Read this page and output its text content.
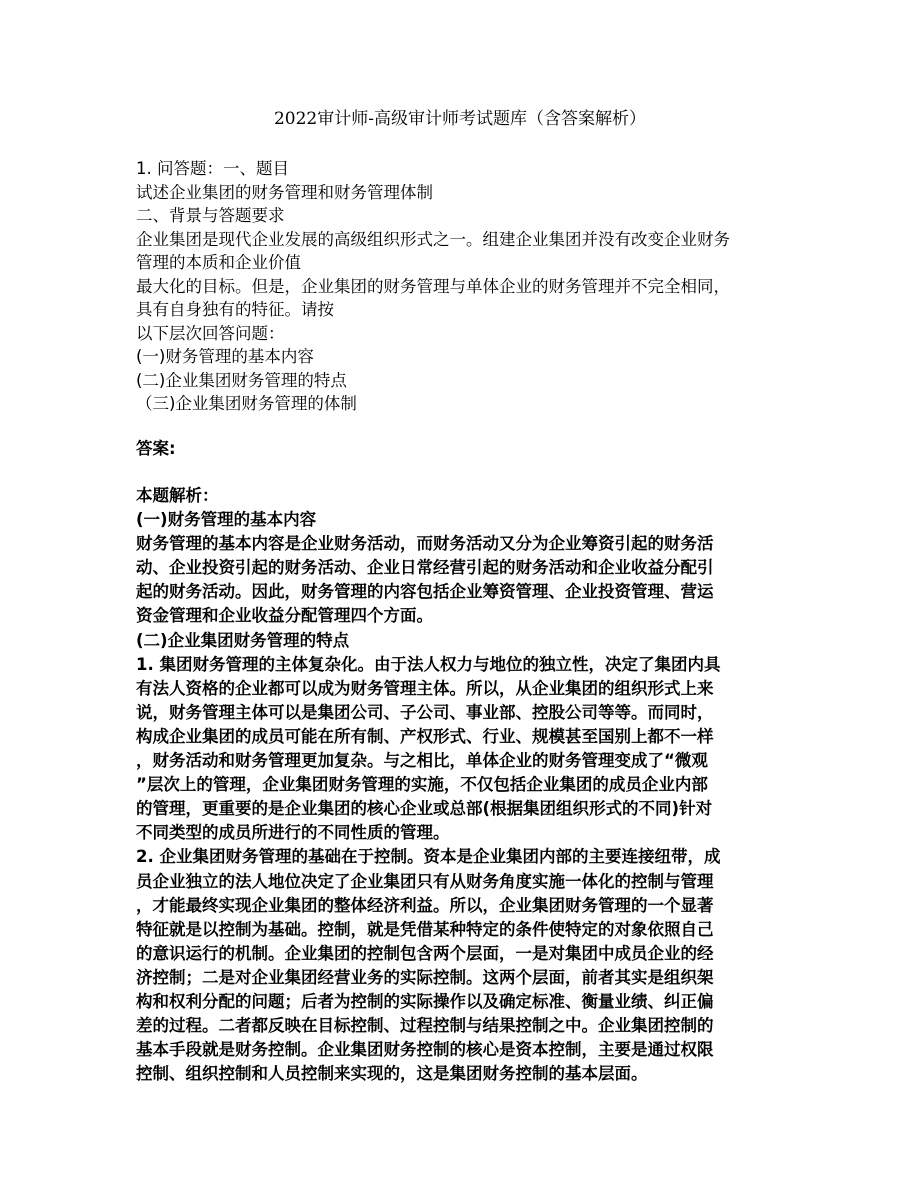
2022审计师-高级审计师考试题库（含答案解析）
1. 问答题：一、题目
试述企业集团的财务管理和财务管理体制
二、背景与答题要求
企业集团是现代企业发展的高级组织形式之一。组建企业集团并没有改变企业财务
管理的本质和企业价值
最大化的目标。但是，企业集团的财务管理与单体企业的财务管理并不完全相同，
具有自身独有的特征。请按
以下层次回答问题：
(一)财务管理的基本内容
(二)企业集团财务管理的特点
（三)企业集团财务管理的体制
答案:
本题解析：
(一)财务管理的基本内容
财务管理的基本内容是企业财务活动，而财务活动又分为企业筹资引起的财务活
动、企业投资引起的财务活动、企业日常经营引起的财务活动和企业收益分配引
起的财务活动。因此，财务管理的内容包括企业筹资管理、企业投资管理、营运
资金管理和企业收益分配管理四个方面。
(二)企业集团财务管理的特点
1. 集团财务管理的主体复杂化。由于法人权力与地位的独立性，决定了集团内具
有法人资格的企业都可以成为财务管理主体。所以，从企业集团的组织形式上来
说，财务管理主体可以是集团公司、子公司、事业部、控股公司等等。而同时，
构成企业集团的成员可能在所有制、产权形式、行业、规模甚至国别上都不一样
，财务活动和财务管理更加复杂。与之相比，单体企业的财务管理变成了“微观
”层次上的管理，企业集团财务管理的实施，不仅包括企业集团的成员企业内部
的管理，更重要的是企业集团的核心企业或总部(根据集团组织形式的不同)针对
不同类型的成员所进行的不同性质的管理。
2. 企业集团财务管理的基础在于控制。资本是企业集团内部的主要连接纽带，成
员企业独立的法人地位决定了企业集团只有从财务角度实施一体化的控制与管理
，才能最终实现企业集团的整体经济利益。所以，企业集团财务管理的一个显著
特征就是以控制为基础。控制，就是凭借某种特定的条件使特定的对象依照自己
的意识运行的机制。企业集团的控制包含两个层面，一是对集团中成员企业的经
济控制；二是对企业集团经营业务的实际控制。这两个层面，前者其实是组织架
构和权利分配的问题；后者为控制的实际操作以及确定标准、衡量业绩、纠正偏
差的过程。二者都反映在目标控制、过程控制与结果控制之中。企业集团控制的
基本手段就是财务控制。企业集团财务控制的核心是资本控制，主要是通过权限
控制、组织控制和人员控制来实现的，这是集团财务控制的基本层面。
